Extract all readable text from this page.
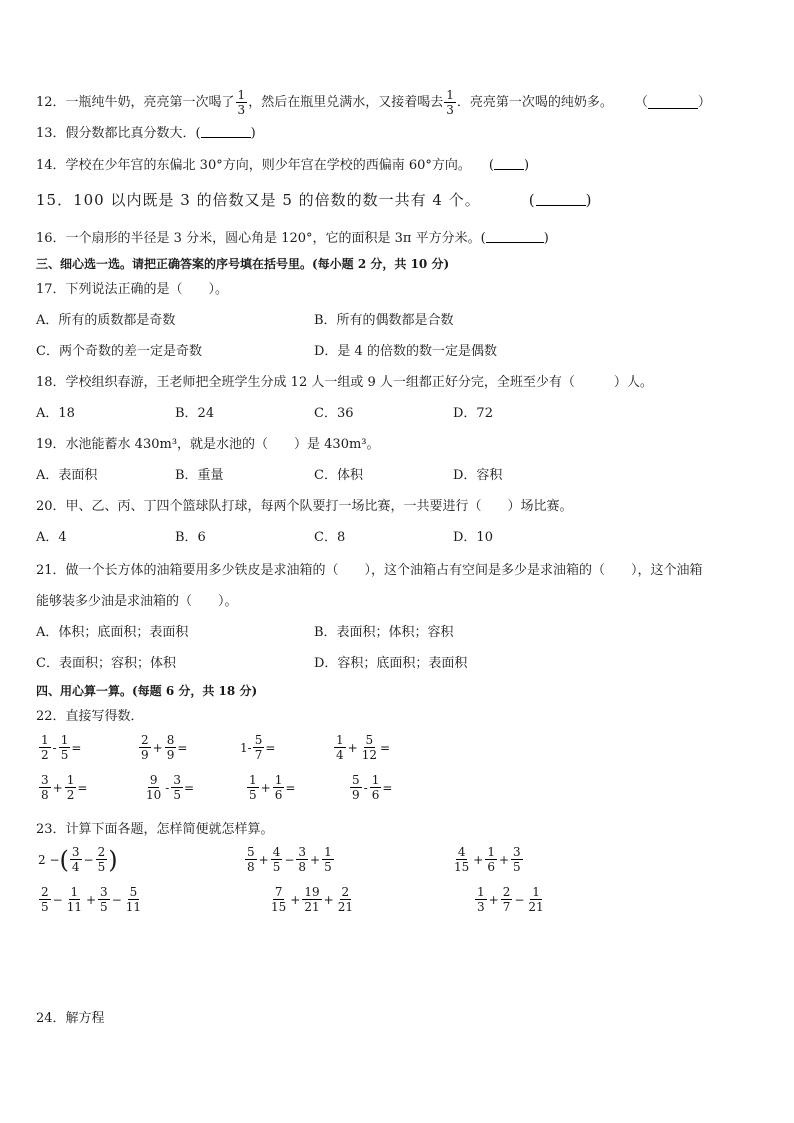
12．一瓶纯牛奶，亮亮第一次喝了 $\frac{1}{3}$ ，然后在瓶里兑满水，又接着喝去 $\frac{1}{3}$ ．亮亮第一次喝的纯奶多。 （	）
13．假分数都比真分数大．(	)
14．学校在少年宫的东偏北 30°方向，则少年宫在学校的西偏南 60°方向。 ( )
15．100 以内既是 3 的倍数又是 5 的倍数的数一共有 4 个。	(	)
16．一个扇形的半径是 3 分米，圆心角是 120°，它的面积是 3π 平方分米。(	)
三、细心选一选。请把正确答案的序号填在括号里。(每小题 2 分，共 10 分)
17．下列说法正确的是（　　）。
A．所有的质数都是奇数	B．所有的偶数都是合数
C．两个奇数的差一定是奇数	D．是 4 的倍数的数一定是偶数
18．学校组织春游，王老师把全班学生分成 12 人一组或 9 人一组都正好分完，全班至少有（　　　）人。
A．18	B．24	C．36	D．72
19．水池能蓄水 430m³，就是水池的（　　）是 430m³。
A．表面积	B．重量	C．体积	D．容积
20．甲、乙、丙、丁四个篮球队打球，每两个队要打一场比赛，一共要进行（　　）场比赛。
A．4	B．6	C．8	D．10
21．做一个长方体的油箱要用多少铁皮是求油箱的（　　），这个油箱占有空间是多少是求油箱的（　　），这个油箱
能够装多少油是求油箱的（　　）。
A．体积；底面积；表面积	B．表面积；体积；容积
C．表面积；容积；体积	D．容积；底面积；表面积
四、用心算一算。(每题 6 分，共 18 分)
22．直接写得数．
$\frac{1}{2} - \frac{1}{5}$ =	$\frac{2}{9} + \frac{8}{9}$ =	$1- \frac{5}{7}$ =	$\frac{1}{4} + \frac{5}{12}$ =
$\frac{3}{8} + \frac{1}{2}$ =	$\frac{9}{10} - \frac{3}{5}$ =	$\frac{1}{5} + \frac{1}{6}$ =	$\frac{5}{9} - \frac{1}{6}$ =
23．计算下面各题，怎样简便就怎样算。
2 − ( $\frac{3}{4} - \frac{2}{5}$ )	$\frac{5}{8} + \frac{4}{5} - \frac{3}{8} + \frac{1}{5}$	$\frac{4}{15} + \frac{1}{6} + \frac{3}{5}$
$\frac{2}{5} - \frac{1}{11} + \frac{3}{5} - \frac{5}{11}$	$\frac{7}{15} + \frac{19}{21} + \frac{2}{21}$	$\frac{1}{3} + \frac{2}{7} - \frac{1}{21}$
24．解方程
